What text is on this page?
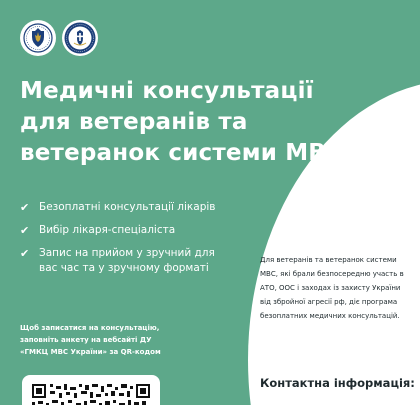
Медичні консультації для ветеранів та ветеранок системи МВС
✔ Безоплатні консультації лікарів
✔ Вибір лікаря-спеціаліста
✔ Запис на прийом у зручний для вас час та у зручному форматі

Щоб записатися на консультацію, заповніть анкету на вебсайті ДУ «ГМКЦ МВС України» за QR-кодом

Для ветеранів та ветеранок системи МВС, які брали безпосередню участь в АТО, ООС і заходах із захисту України від збройної агресії рф, діє програма безоплатних медичних консультацій.

Контактна інформація:
